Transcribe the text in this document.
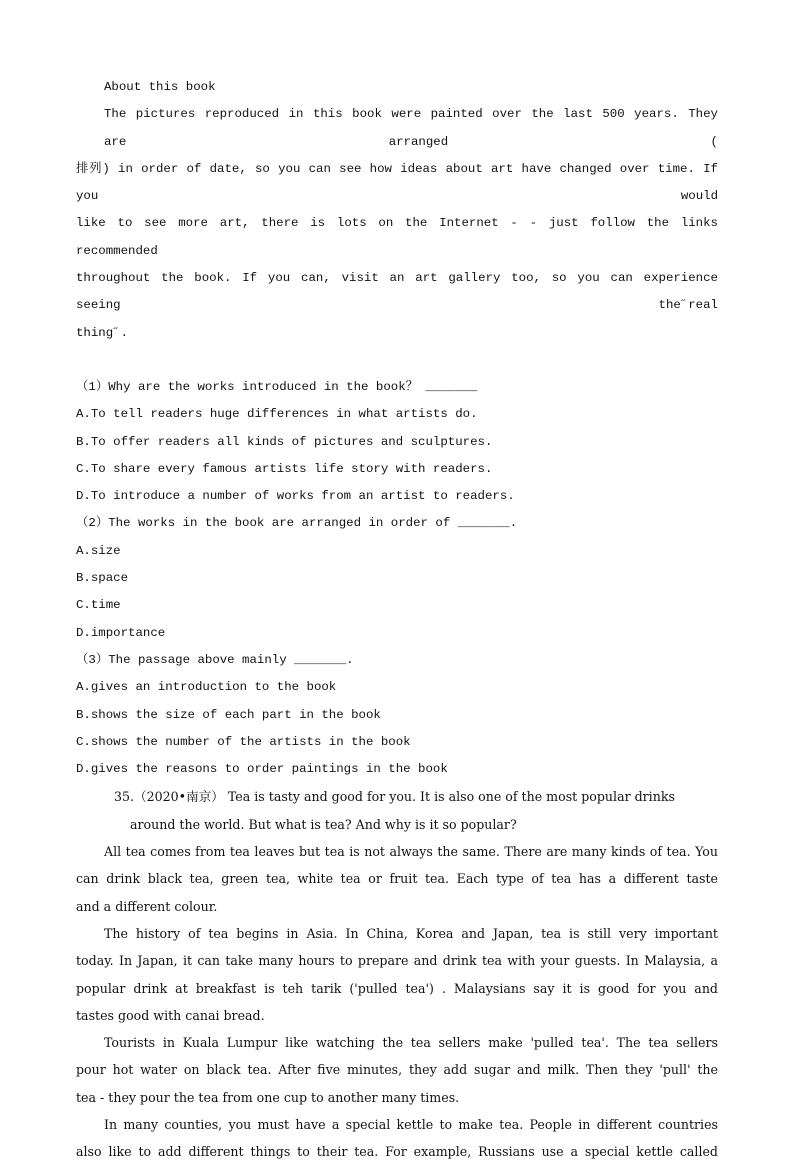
About this book
The pictures reproduced in this book were painted over the last 500 years. They are arranged (
排列) in order of date, so you can see how ideas about art have changed over time. If you would
like to see more art, there is lots on the Internet - - just follow the links recommended
throughout the book. If you can, visit an art gallery too, so you can experience seeing the˝real
thing˝.
（1）Why are the works introduced in the book？ _______
A.To tell readers huge differences in what artists do.
B.To offer readers all kinds of pictures and sculptures.
C.To share every famous artists life story with readers.
D.To introduce a number of works from an artist to readers.
（2）The works in the book are arranged in order of _______.
A.size
B.space
C.time
D.importance
（3）The passage above mainly _______.
A.gives an introduction to the book
B.shows the size of each part in the book
C.shows the number of the artists in the book
D.gives the reasons to order paintings in the book
35.（2020•南京） Tea is tasty and good for you. It is also one of the most popular drinks
around the world. But what is tea? And why is it so popular?
All tea comes from tea leaves but tea is not always the same. There are many kinds of tea. You
can drink black tea, green tea, white tea or fruit tea. Each type of tea has a different taste
and a different colour.
The history of tea begins in Asia. In China, Korea and Japan, tea is still very important
today. In Japan, it can take many hours to prepare and drink tea with your guests. In Malaysia, a
popular drink at breakfast is teh tarik ('pulled tea') . Malaysians say it is good for you and
tastes good with canai bread.
Tourists in Kuala Lumpur like watching the tea sellers make 'pulled tea'. The tea sellers
pour hot water on black tea. After five minutes, they add sugar and milk. Then they 'pull' the
tea - they pour the tea from one cup to another many times.
In many counties, you must have a special kettle to make tea. People in different countries
also like to add different things to their tea. For example, Russians use a special kettle called
